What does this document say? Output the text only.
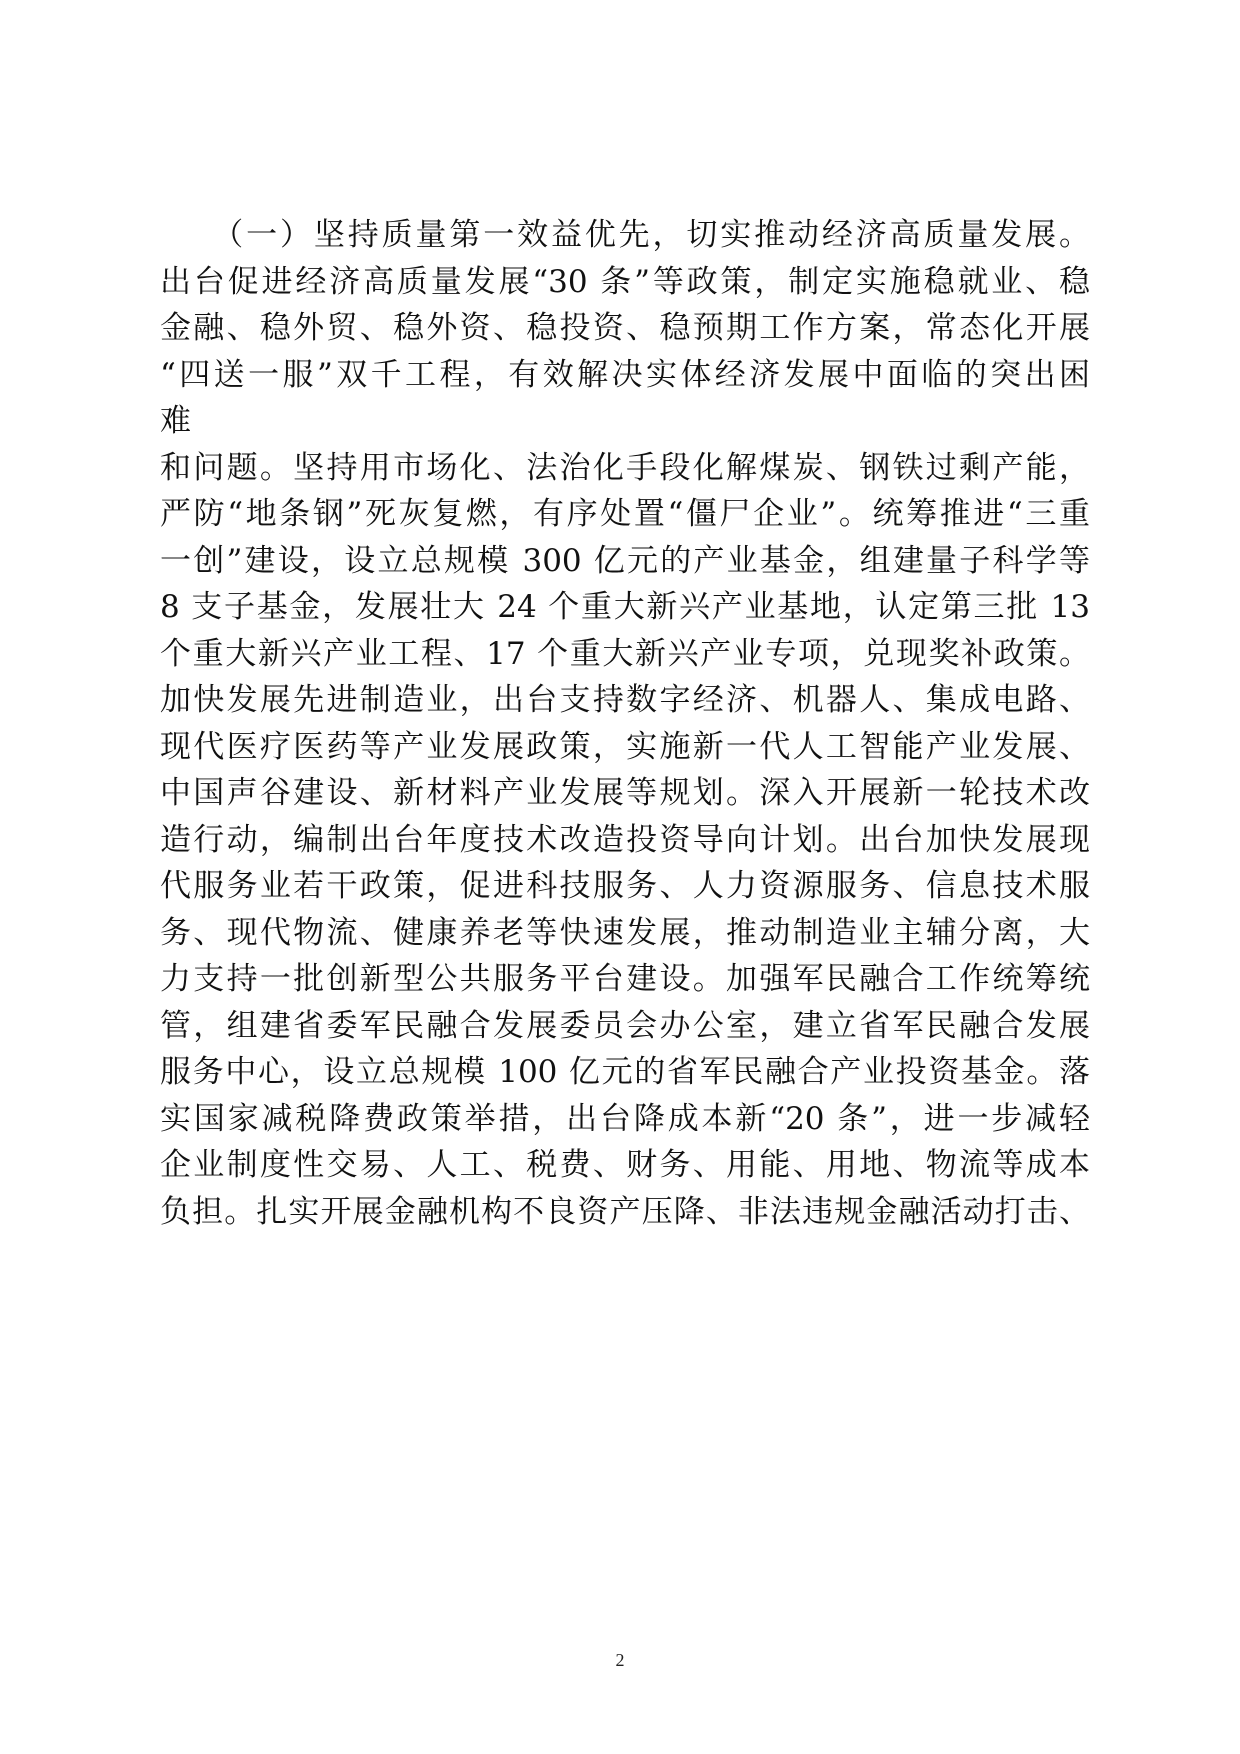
　　（一）坚持质量第一效益优先，切实推动经济高质量发展。
出台促进经济高质量发展“30 条”等政策，制定实施稳就业、稳
金融、稳外贸、稳外资、稳投资、稳预期工作方案，常态化开展
“四送一服”双千工程，有效解决实体经济发展中面临的突出困
难
和问题。坚持用市场化、法治化手段化解煤炭、钢铁过剩产能，
严防“地条钢”死灰复燃，有序处置“僵尸企业”。统筹推进“三重
一创”建设，设立总规模 300 亿元的产业基金，组建量子科学等
8 支子基金，发展壮大 24 个重大新兴产业基地，认定第三批 13
个重大新兴产业工程、17 个重大新兴产业专项，兑现奖补政策。
加快发展先进制造业，出台支持数字经济、机器人、集成电路、
现代医疗医药等产业发展政策，实施新一代人工智能产业发展、
中国声谷建设、新材料产业发展等规划。深入开展新一轮技术改
造行动，编制出台年度技术改造投资导向计划。出台加快发展现
代服务业若干政策，促进科技服务、人力资源服务、信息技术服
务、现代物流、健康养老等快速发展，推动制造业主辅分离，大
力支持一批创新型公共服务平台建设。加强军民融合工作统筹统
管，组建省委军民融合发展委员会办公室，建立省军民融合发展
服务中心，设立总规模 100 亿元的省军民融合产业投资基金。落
实国家减税降费政策举措，出台降成本新“20 条”，进一步减轻
企业制度性交易、人工、税费、财务、用能、用地、物流等成本
负担。扎实开展金融机构不良资产压降、非法违规金融活动打击、
2
